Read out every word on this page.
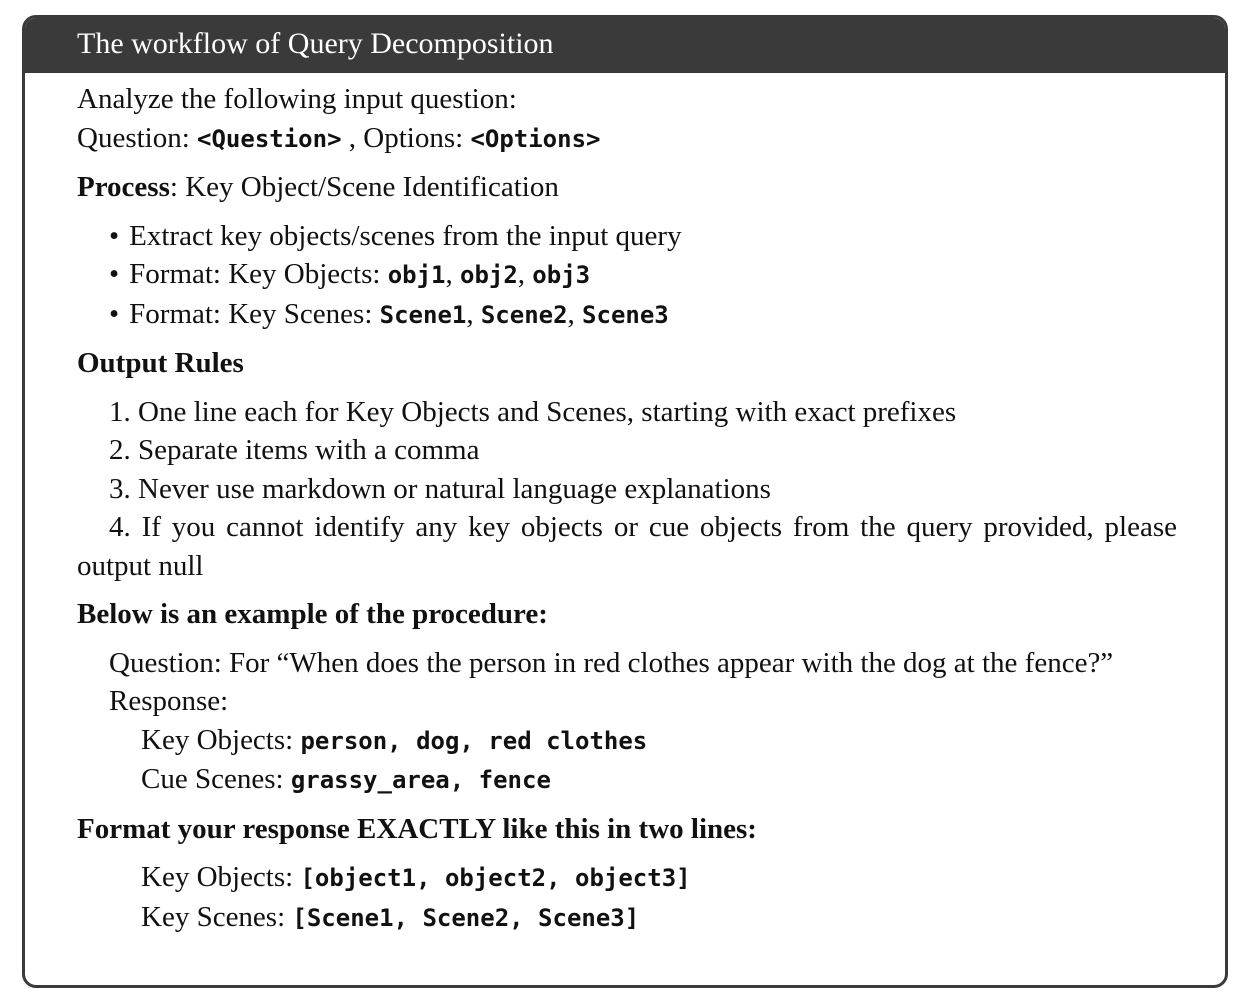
The workflow of Query Decomposition
Analyze the following input question:
Question: <Question> , Options: <Options>
Process: Key Object/Scene Identification
• Extract key objects/scenes from the input query
• Format: Key Objects: obj1, obj2, obj3
• Format: Key Scenes: Scene1, Scene2, Scene3
Output Rules
1. One line each for Key Objects and Scenes, starting with exact prefixes
2. Separate items with a comma
3. Never use markdown or natural language explanations
4. If you cannot identify any key objects or cue objects from the query provided, please output null
Below is an example of the procedure:
Question: For “When does the person in red clothes appear with the dog at the fence?”
Response:
Key Objects: person, dog, red clothes
Cue Scenes: grassy_area, fence
Format your response EXACTLY like this in two lines:
Key Objects: [object1, object2, object3]
Key Scenes: [Scene1, Scene2, Scene3]
